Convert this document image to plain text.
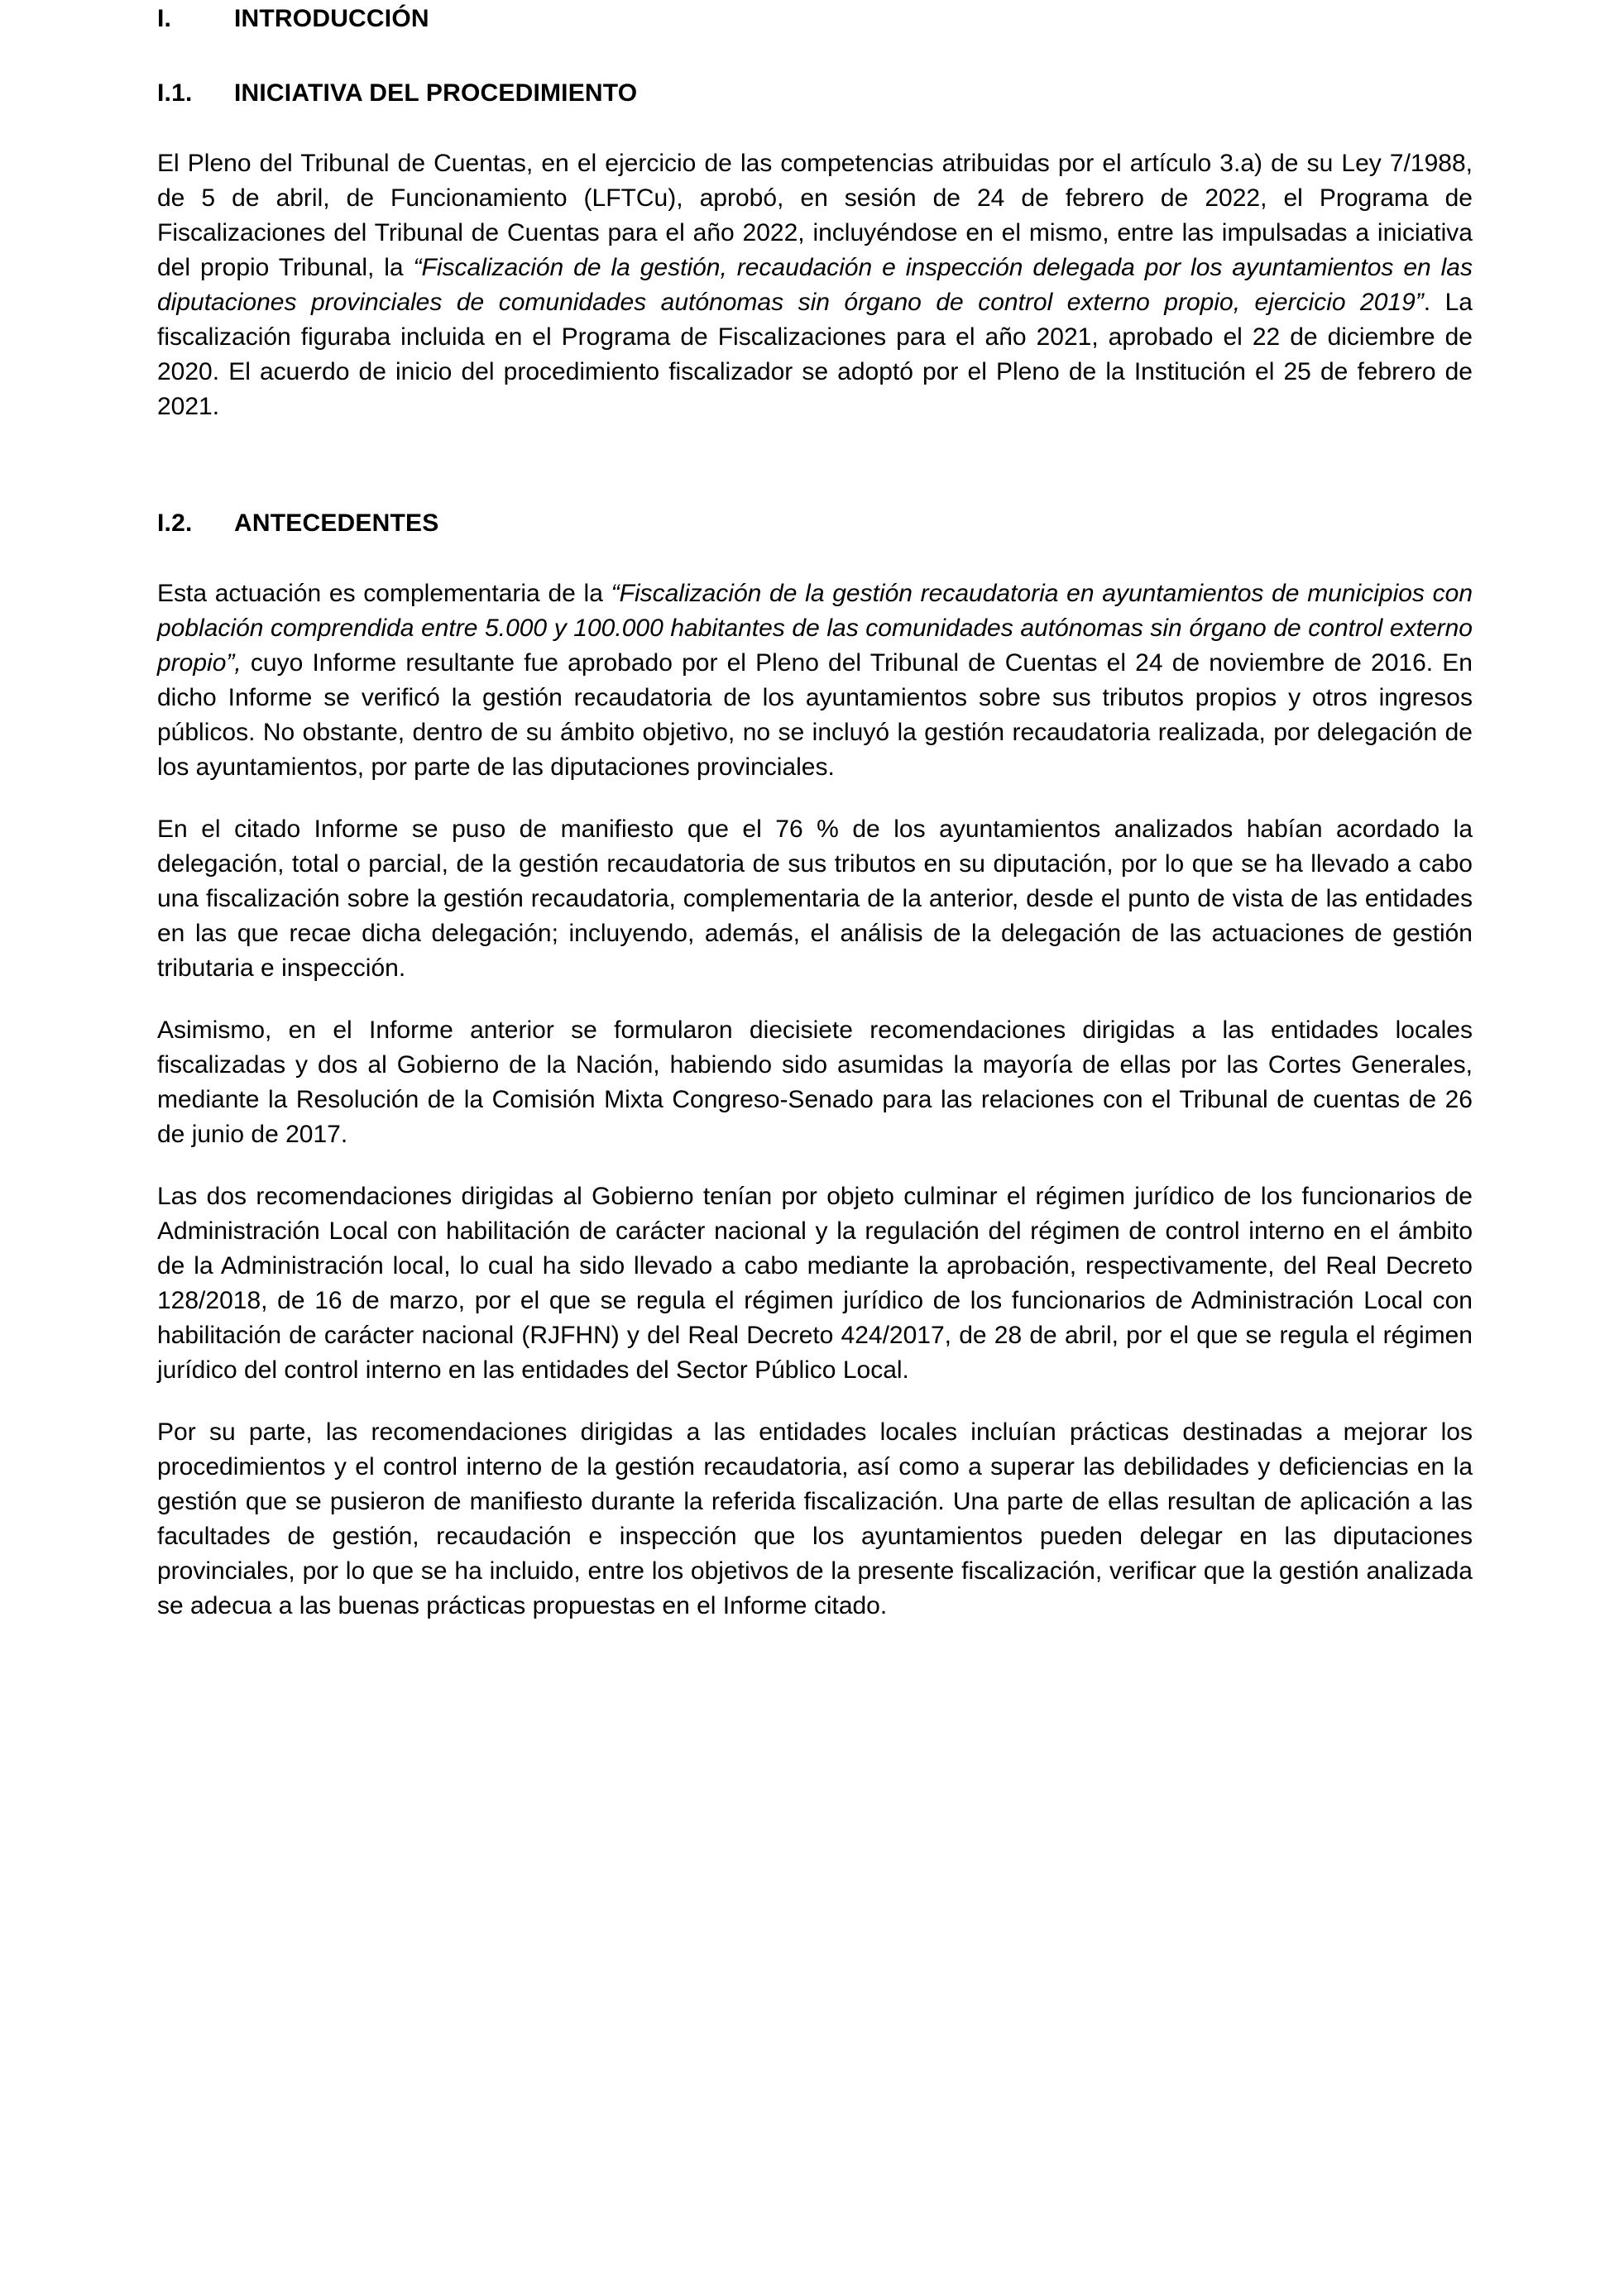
I.	INTRODUCCIÓN
I.1.	INICIATIVA DEL PROCEDIMIENTO

El Pleno del Tribunal de Cuentas, en el ejercicio de las competencias atribuidas por el artículo 3.a) de su Ley 7/1988, de 5 de abril, de Funcionamiento (LFTCu), aprobó, en sesión de 24 de febrero de 2022, el Programa de Fiscalizaciones del Tribunal de Cuentas para el año 2022, incluyéndose en el mismo, entre las impulsadas a iniciativa del propio Tribunal, la “Fiscalización de la gestión, recaudación e inspección delegada por los ayuntamientos en las diputaciones provinciales de comunidades autónomas sin órgano de control externo propio, ejercicio 2019”. La fiscalización figuraba incluida en el Programa de Fiscalizaciones para el año 2021, aprobado el 22 de diciembre de 2020. El acuerdo de inicio del procedimiento fiscalizador se adoptó por el Pleno de la Institución el 25 de febrero de 2021.

I.2.	ANTECEDENTES

Esta actuación es complementaria de la “Fiscalización de la gestión recaudatoria en ayuntamientos de municipios con población comprendida entre 5.000 y 100.000 habitantes de las comunidades autónomas sin órgano de control externo propio”, cuyo Informe resultante fue aprobado por el Pleno del Tribunal de Cuentas el 24 de noviembre de 2016. En dicho Informe se verificó la gestión recaudatoria de los ayuntamientos sobre sus tributos propios y otros ingresos públicos. No obstante, dentro de su ámbito objetivo, no se incluyó la gestión recaudatoria realizada, por delegación de los ayuntamientos, por parte de las diputaciones provinciales.

En el citado Informe se puso de manifiesto que el 76 % de los ayuntamientos analizados habían acordado la delegación, total o parcial, de la gestión recaudatoria de sus tributos en su diputación, por lo que se ha llevado a cabo una fiscalización sobre la gestión recaudatoria, complementaria de la anterior, desde el punto de vista de las entidades en las que recae dicha delegación; incluyendo, además, el análisis de la delegación de las actuaciones de gestión tributaria e inspección.

Asimismo, en el Informe anterior se formularon diecisiete recomendaciones dirigidas a las entidades locales fiscalizadas y dos al Gobierno de la Nación, habiendo sido asumidas la mayoría de ellas por las Cortes Generales, mediante la Resolución de la Comisión Mixta Congreso-Senado para las relaciones con el Tribunal de cuentas de 26 de junio de 2017.

Las dos recomendaciones dirigidas al Gobierno tenían por objeto culminar el régimen jurídico de los funcionarios de Administración Local con habilitación de carácter nacional y la regulación del régimen de control interno en el ámbito de la Administración local, lo cual ha sido llevado a cabo mediante la aprobación, respectivamente, del Real Decreto 128/2018, de 16 de marzo, por el que se regula el régimen jurídico de los funcionarios de Administración Local con habilitación de carácter nacional (RJFHN) y del Real Decreto 424/2017, de 28 de abril, por el que se regula el régimen jurídico del control interno en las entidades del Sector Público Local.

Por su parte, las recomendaciones dirigidas a las entidades locales incluían prácticas destinadas a mejorar los procedimientos y el control interno de la gestión recaudatoria, así como a superar las debilidades y deficiencias en la gestión que se pusieron de manifiesto durante la referida fiscalización. Una parte de ellas resultan de aplicación a las facultades de gestión, recaudación e inspección que los ayuntamientos pueden delegar en las diputaciones provinciales, por lo que se ha incluido, entre los objetivos de la presente fiscalización, verificar que la gestión analizada se adecua a las buenas prácticas propuestas en el Informe citado.
